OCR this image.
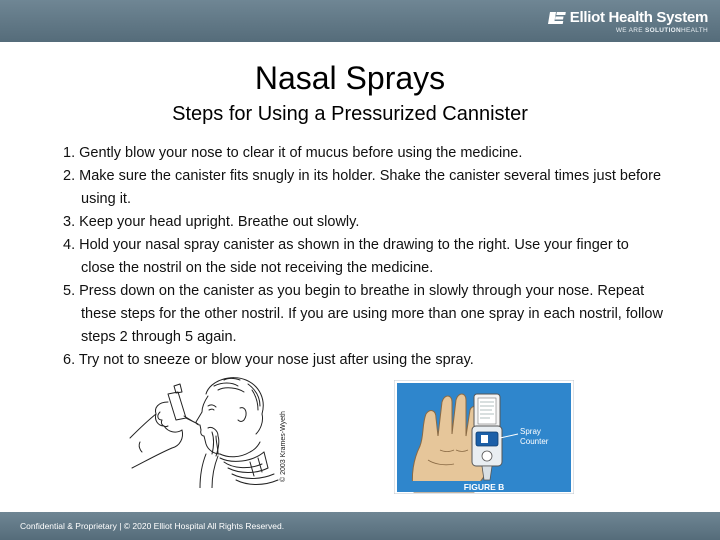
Elliot Health System
WE ARE SOLUTIONHEALTH
Nasal Sprays
Steps for Using a Pressurized Cannister
1. Gently blow your nose to clear it of mucus before using the medicine.
2. Make sure the canister fits snugly in its holder. Shake the canister several times just before using it.
3. Keep your head upright. Breathe out slowly.
4. Hold your nasal spray canister as shown in the drawing to the right. Use your finger to close the nostril on the side not receiving the medicine.
5. Press down on the canister as you begin to breathe in slowly through your nose. Repeat these steps for the other nostril. If you are using more than one spray in each nostril, follow steps 2 through 5 again.
6. Try not to sneeze or blow your nose just after using the spray.
© 2003 Krames-Wyeth	Spray
Counter
FIGURE B
Confidential & Proprietary | © 2020 Elliot Hospital All Rights Reserved.
